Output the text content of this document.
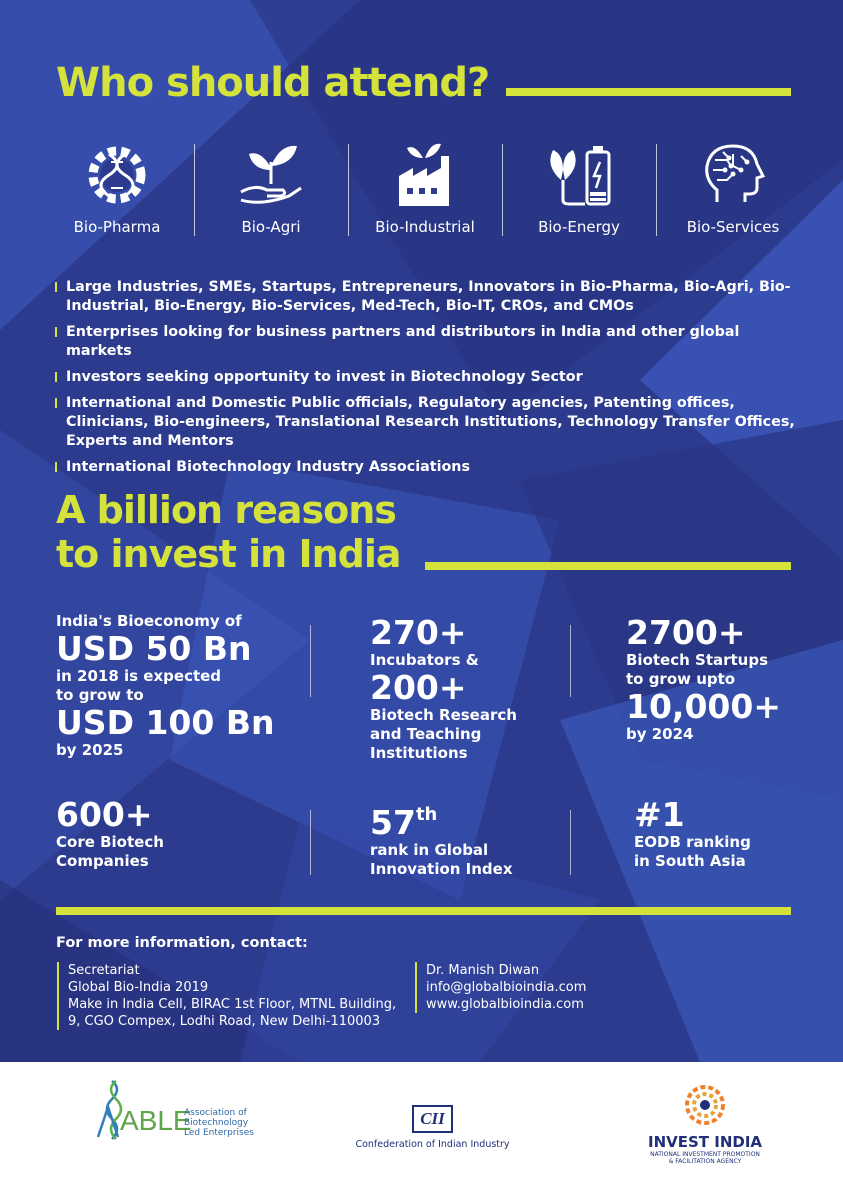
Who should attend?
Bio-Pharma	Bio-Agri	Bio-Industrial	Bio-Energy	Bio-Services
Large Industries, SMEs, Startups, Entrepreneurs, Innovators in Bio-Pharma, Bio-Agri, Bio-Industrial, Bio-Energy, Bio-Services, Med-Tech, Bio-IT, CROs, and CMOs
Enterprises looking for business partners and distributors in India and other global markets
Investors seeking opportunity to invest in Biotechnology Sector
International and Domestic Public officials, Regulatory agencies, Patenting offices, Clinicians, Bio-engineers, Translational Research Institutions, Technology Transfer Offices, Experts and Mentors
International Biotechnology Industry Associations
A billion reasons
to invest in India
India's Bioeconomy of
USD 50 Bn
in 2018 is expected
to grow to
USD 100 Bn
by 2025
270+
Incubators &
200+
Biotech Research
and Teaching
Institutions
2700+
Biotech Startups
to grow upto
10,000+
by 2024
600+
Core Biotech
Companies
57th
rank in Global
Innovation Index
#1
EODB ranking
in South Asia
For more information, contact:
Secretariat
Global Bio-India 2019
Make in India Cell, BIRAC 1st Floor, MTNL Building,
9, CGO Compex, Lodhi Road, New Delhi-110003
Dr. Manish Diwan
info@globalbioindia.com
www.globalbioindia.com
ABLE
Association of
Biotechnology
Led Enterprises
The collective face of the Indian Biotech Industry
CII
Confederation of Indian Industry	INVEST INDIA
NATIONAL INVESTMENT PROMOTION
& FACILITATION AGENCY
